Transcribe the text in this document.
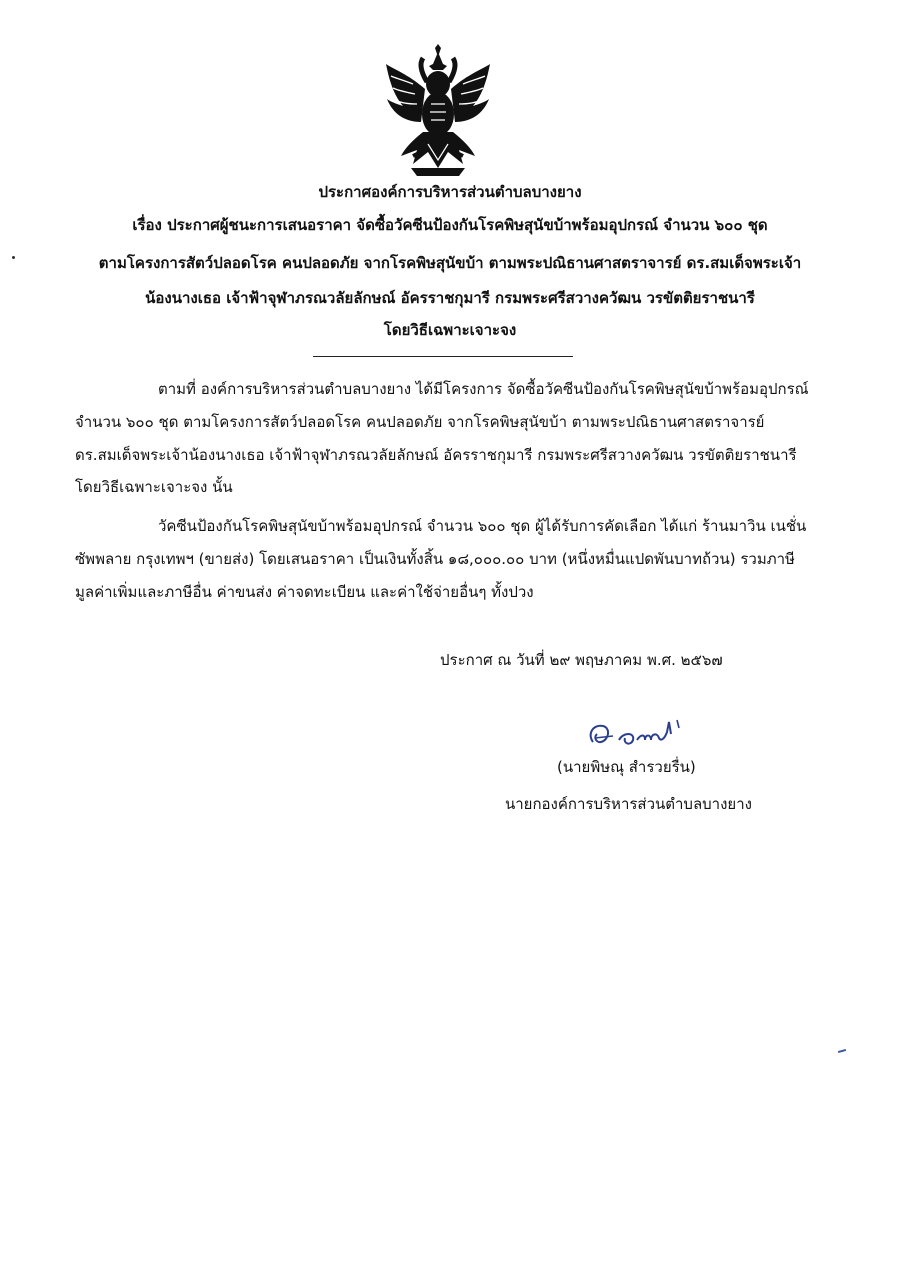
ประกาศองค์การบริหารส่วนตำบลบางยาง
เรื่อง ประกาศผู้ชนะการเสนอราคา จัดซื้อวัคซีนป้องกันโรคพิษสุนัขบ้าพร้อมอุปกรณ์ จำนวน ๖๐๐ ชุด
ตามโครงการสัตว์ปลอดโรค คนปลอดภัย จากโรคพิษสุนัขบ้า ตามพระปณิธานศาสตราจารย์ ดร.สมเด็จพระเจ้า
น้องนางเธอ เจ้าฟ้าจุฬาภรณวลัยลักษณ์ อัครราชกุมารี กรมพระศรีสวางควัฒน วรขัตติยราชนารี
โดยวิธีเฉพาะเจาะจง
ตามที่ องค์การบริหารส่วนตำบลบางยาง ได้มีโครงการ จัดซื้อวัคซีนป้องกันโรคพิษสุนัขบ้าพร้อมอุปกรณ์
จำนวน ๖๐๐ ชุด ตามโครงการสัตว์ปลอดโรค คนปลอดภัย จากโรคพิษสุนัขบ้า ตามพระปณิธานศาสตราจารย์
ดร.สมเด็จพระเจ้าน้องนางเธอ เจ้าฟ้าจุฬาภรณวลัยลักษณ์ อัครราชกุมารี กรมพระศรีสวางควัฒน วรขัตติยราชนารี
โดยวิธีเฉพาะเจาะจง นั้น
วัคซีนป้องกันโรคพิษสุนัขบ้าพร้อมอุปกรณ์ จำนวน ๖๐๐ ชุด ผู้ได้รับการคัดเลือก ได้แก่ ร้านมาวิน เนชั่น
ซัพพลาย กรุงเทพฯ (ขายส่ง) โดยเสนอราคา เป็นเงินทั้งสิ้น ๑๘,๐๐๐.๐๐ บาท (หนึ่งหมื่นแปดพันบาทถ้วน) รวมภาษี
มูลค่าเพิ่มและภาษีอื่น ค่าขนส่ง ค่าจดทะเบียน และค่าใช้จ่ายอื่นๆ ทั้งปวง
ประกาศ ณ วันที่ ๒๙ พฤษภาคม พ.ศ. ๒๕๖๗
(นายพิษณุ สำรวยรื่น)
นายกองค์การบริหารส่วนตำบลบางยาง
